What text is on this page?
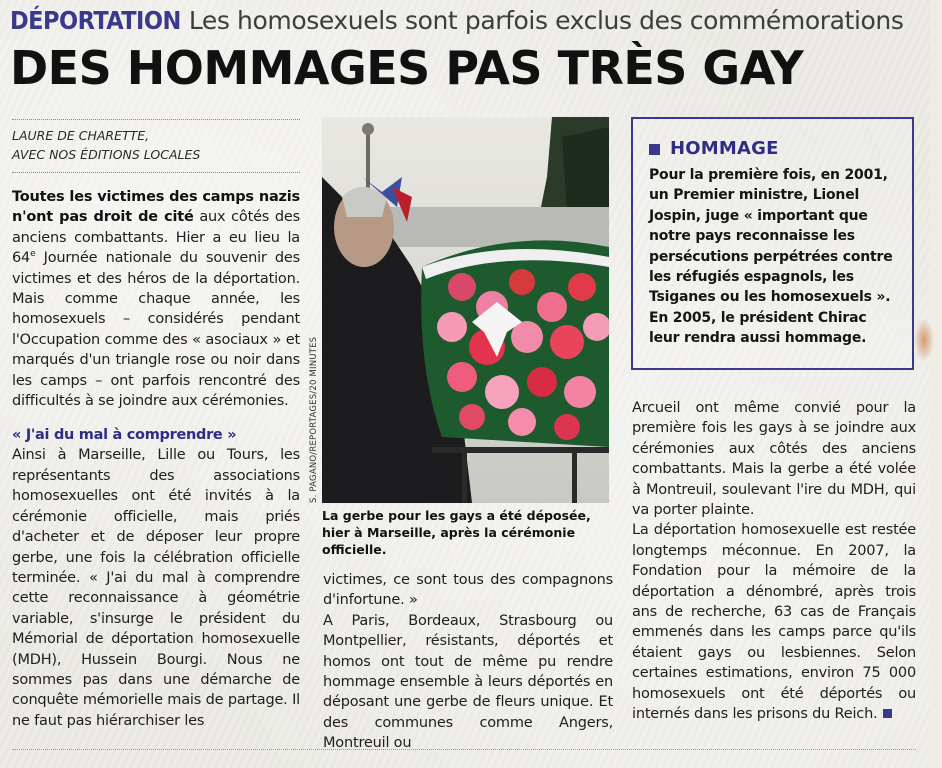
DÉPORTATION Les homosexuels sont parfois exclus des commémorations
DES HOMMAGES PAS TRÈS GAY
LAURE DE CHARETTE,
AVEC NOS ÉDITIONS LOCALES

Toutes les victimes des camps nazis n'ont pas droit de cité aux côtés des anciens combattants. Hier a eu lieu la 64e Journée nationale du souvenir des victimes et des héros de la déportation. Mais comme chaque année, les homosexuels – considérés pendant l'Occupation comme des « asociaux » et marqués d'un triangle rose ou noir dans les camps – ont parfois rencontré des difficultés à se joindre aux cérémonies.

« J'ai du mal à comprendre »

Ainsi à Marseille, Lille ou Tours, les représentants des associations homosexuelles ont été invités à la cérémonie officielle, mais priés d'acheter et de déposer leur propre gerbe, une fois la célébration officielle terminée. « J'ai du mal à comprendre cette reconnaissance à géométrie variable, s'insurge le président du Mémorial de déportation homosexuelle (MDH), Hussein Bourgi. Nous ne sommes pas dans une démarche de conquête mémorielle mais de partage. Il ne faut pas hiérarchiser les

La gerbe pour les gays a été déposée, hier à Marseille, après la cérémonie officielle.

victimes, ce sont tous des compagnons d'infortune. »

A Paris, Bordeaux, Strasbourg ou Montpellier, résistants, déportés et homos ont tout de même pu rendre hommage ensemble à leurs déportés en déposant une gerbe de fleurs unique. Et des communes comme Angers, Montreuil ou

HOMMAGE
Pour la première fois, en 2001, un Premier ministre, Lionel Jospin, juge « important que notre pays reconnaisse les persécutions perpétrées contre les réfugiés espagnols, les Tsiganes ou les homosexuels ». En 2005, le président Chirac leur rendra aussi hommage.

Arcueil ont même convié pour la première fois les gays à se joindre aux cérémonies aux côtés des anciens combattants. Mais la gerbe a été volée à Montreuil, soulevant l'ire du MDH, qui va porter plainte.

La déportation homosexuelle est restée longtemps méconnue. En 2007, la Fondation pour la mémoire de la déportation a dénombré, après trois ans de recherche, 63 cas de Français emmenés dans les camps parce qu'ils étaient gays ou lesbiennes. Selon certaines estimations, environ 75 000 homosexuels ont été déportés ou internés dans les prisons du Reich.
